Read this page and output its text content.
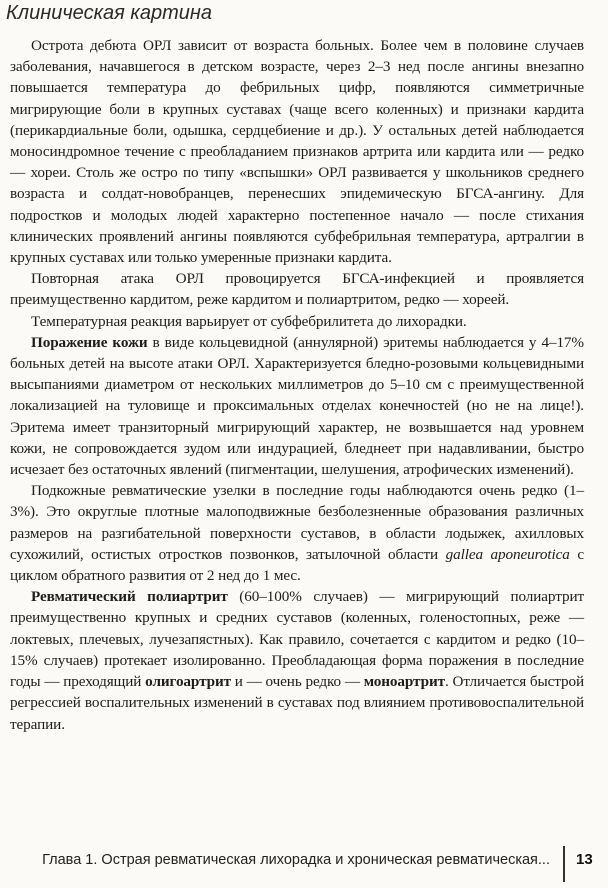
Клиническая картина

Острота дебюта ОРЛ зависит от возраста больных. Более чем в половине случаев заболевания, начавшегося в детском возрасте, через 2–3 нед после ангины внезапно повышается температура до фебрильных цифр, появляются симметричные мигрирующие боли в крупных суставах (чаще всего коленных) и признаки кардита (перикардиальные боли, одышка, сердцебиение и др.). У остальных детей наблюдается моносиндромное течение с преобладанием признаков артрита или кардита или — редко — хореи. Столь же остро по типу «вспышки» ОРЛ развивается у школьников среднего возраста и солдат-новобранцев, перенесших эпидемическую БГСА-ангину. Для подростков и молодых людей характерно постепенное начало — после стихания клинических проявлений ангины появляются субфебрильная температура, артралгии в крупных суставах или только умеренные признаки кардита.

Повторная атака ОРЛ провоцируется БГСА-инфекцией и проявляется преимущественно кардитом, реже кардитом и полиартритом, редко — хореей.

Температурная реакция варьирует от субфебрилитета до лихорадки.

Поражение кожи в виде кольцевидной (аннулярной) эритемы наблюдается у 4–17% больных детей на высоте атаки ОРЛ. Характеризуется бледно-розовыми кольцевидными высыпаниями диаметром от нескольких миллиметров до 5–10 см с преимущественной локализацией на туловище и проксимальных отделах конечностей (но не на лице!). Эритема имеет транзиторный мигрирующий характер, не возвышается над уровнем кожи, не сопровождается зудом или индурацией, бледнеет при надавливании, быстро исчезает без остаточных явлений (пигментации, шелушения, атрофических изменений).

Подкожные ревматические узелки в последние годы наблюдаются очень редко (1–3%). Это округлые плотные малоподвижные безболезненные образования различных размеров на разгибательной поверхности суставов, в области лодыжек, ахилловых сухожилий, остистых отростков позвонков, затылочной области gallea aponeurotica с циклом обратного развития от 2 нед до 1 мес.

Ревматический полиартрит (60–100% случаев) — мигрирующий полиартрит преимущественно крупных и средних суставов (коленных, голеностопных, реже — локтевых, плечевых, лучезапястных). Как правило, сочетается с кардитом и редко (10–15% случаев) протекает изолированно. Преобладающая форма поражения в последние годы — преходящий олигоартрит и — очень редко — моноартрит. Отличается быстрой регрессией воспалительных изменений в суставах под влиянием противовоспалительной терапии.

Глава 1. Острая ревматическая лихорадка и хроническая ревматическая... 13
